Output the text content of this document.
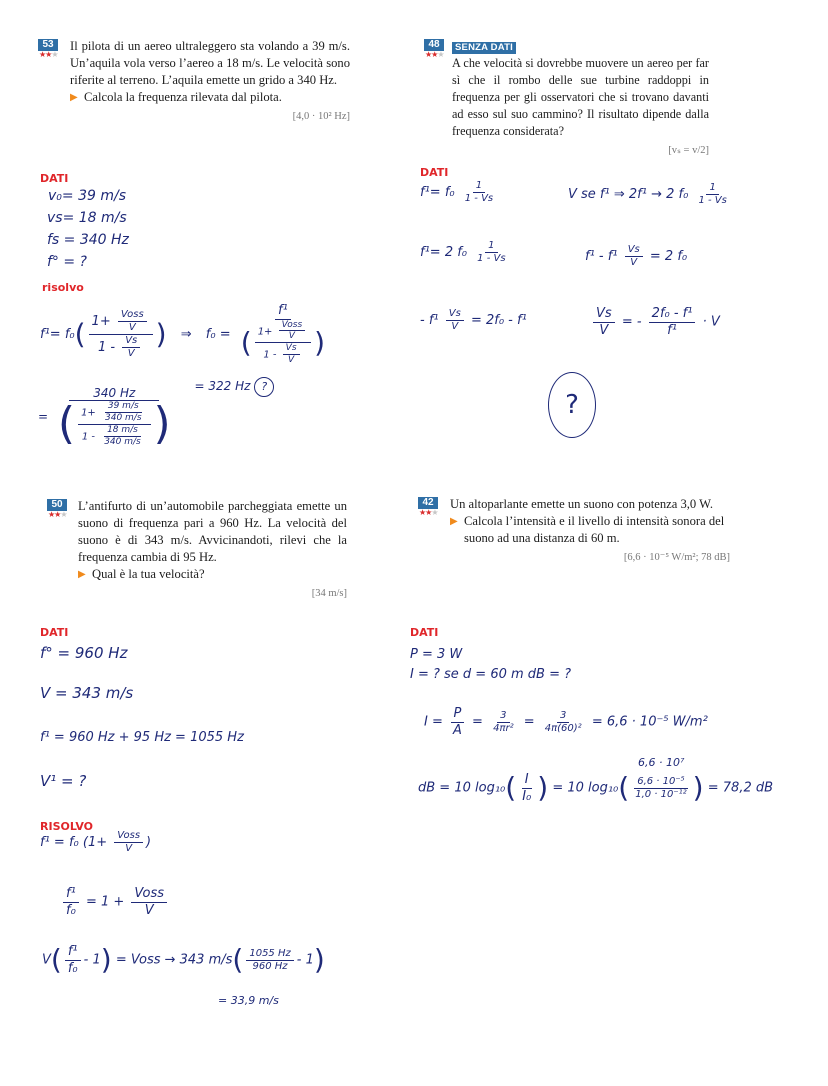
53
★★★
Il pilota di un aereo ultraleggero sta volando a 39 m/s. Un’aquila vola verso l’aereo a 18 m/s. Le velocità sono riferite al terreno. L’aquila emette un grido a 340 Hz.
▶ Calcola la frequenza rilevata dal pilota.
[4,0 · 10² Hz]
48
★★★
SENZA DATI
A che velocità si dovrebbe muovere un aereo per far sì che il rombo delle sue turbine raddoppi in frequenza per gli osservatori che si trovano davanti ad esso sul suo cammino? Il risultato dipende dalla frequenza considerata?
[vₛ = v/2]
50
★★★
L’antifurto di un’automobile parcheggiata emette un suono di frequenza pari a 960 Hz. La velocità del suono è di 343 m/s. Avvicinandoti, rilevi che la frequenza cambia di 95 Hz.
▶ Qual è la tua velocità?
[34 m/s]
42
★★★
Un altoparlante emette un suono con potenza 3,0 W.
▶ Calcola l’intensità e il livello di intensità sonora del suono ad una distanza di 60 m.
[6,6 · 10⁻⁵ W/m²; 78 dB]
DATI
v₀= 39 m/s
vs= 18 m/s
fs = 340 Hz
f° = ?
risolvo
$f^1= f_0( \frac{1+ \frac{\text{Voss}}{V}}{1 - \frac{Vs}{V}}$ ) ⇒ $f_0 = \frac{\text{f¹}}{( \frac{1+ \frac{\text{Voss}}{V}}{1 - \frac{Vs}{V}} )}$
= $\frac{340 Hz}{( \frac{1+ \frac{39 m/s}{340 m/s}}{1 - \frac{18 m/s}{340 m/s}} )} = 322$ Hz ?
DATI
$f^1= f_0 \frac{1}{1 - Vs}$	V se f¹ ⇒ 2f¹ → 2 $f_0 \frac{1}{1 - Vs}$
f¹= 2 $f_0 \frac{1}{1 - Vs}$	$f^1 - f^1 \frac{Vs}{V} = 2$ f₀
- $f^1 \frac{Vs}{V} = 2f_0 - f^1$	$\frac{Vs}{V}$ = - $\frac{\text{2f₀ - f¹}}{\text{f¹}} \cdot V$
?
DATI
f° = 960 Hz
V = 343 m/s
f¹ = 960 Hz + 95 Hz = 1055 Hz
V¹ = ?
RISOLVO
f¹ = f₀ ($1+ \frac{\text{Voss}}{V}$ )
$\frac{\text{f¹}}{\text{f₀}} = 1 + \frac{\text{Voss}}{V}$
$V( \frac{\text{f¹}}{\text{f₀}} - 1)$ = Voss → 343 $m/s( \frac{1055 Hz}{960 Hz} - 1)$
= 33,9 m/s
DATI
P = 3 W
I = ? se d = 60 m dB = ?
$I = \frac{P}{A} = \frac{3}{\text{4πr²}} = \frac{3}{\text{4π(60)²}} = 6,6 \cdot 10^{-5}$ W/m²
6,6 · 10⁷
dB = 10 $\log_{10}( \frac{I}{\text{I₀}}$ ) = 10 $\log_{10}( \frac{\text{6,6 · 10⁻⁵}}{\text{1,0 · 10⁻¹²}}$ ) = 78,2 dB
